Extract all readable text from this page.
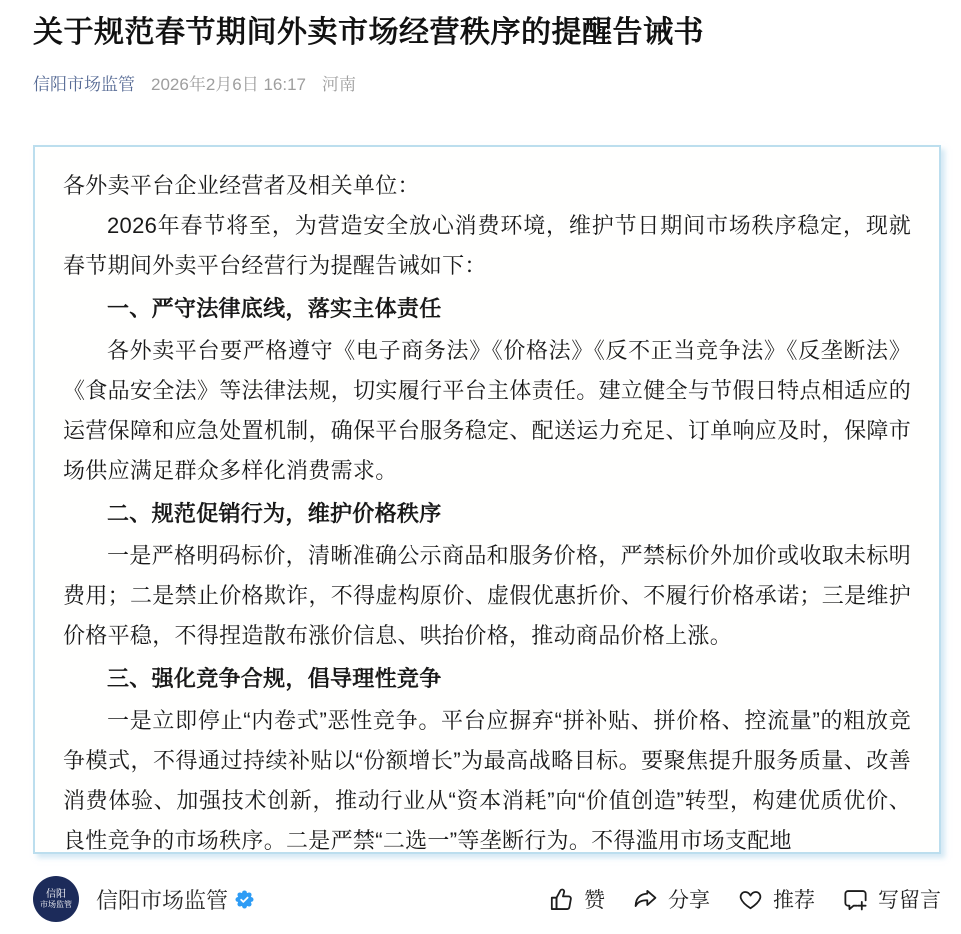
关于规范春节期间外卖市场经营秩序的提醒告诫书
信阳市场监管 2026年2月6日 16:17 河南

各外卖平台企业经营者及相关单位：

2026年春节将至，为营造安全放心消费环境，维护节日期间市场秩序稳定，现就春节期间外卖平台经营行为提醒告诫如下：

一、严守法律底线，落实主体责任

各外卖平台要严格遵守《电子商务法》《价格法》《反不正当竞争法》《反垄断法》《食品安全法》等法律法规，切实履行平台主体责任。建立健全与节假日特点相适应的运营保障和应急处置机制，确保平台服务稳定、配送运力充足、订单响应及时，保障市场供应满足群众多样化消费需求。

二、规范促销行为，维护价格秩序

一是严格明码标价，清晰准确公示商品和服务价格，严禁标价外加价或收取未标明费用；二是禁止价格欺诈，不得虚构原价、虚假优惠折价、不履行价格承诺；三是维护价格平稳，不得捏造散布涨价信息、哄抬价格，推动商品价格上涨。

三、强化竞争合规，倡导理性竞争

一是立即停止“内卷式”恶性竞争。平台应摒弃“拼补贴、拼价格、控流量”的粗放竞争模式，不得通过持续补贴以“份额增长”为最高战略目标。要聚焦提升服务质量、改善消费体验、加强技术创新，推动行业从“资本消耗”向“价值创造”转型，构建优质优价、良性竞争的市场秩序。二是严禁“二选一”等垄断行为。不得滥用市场支配地

信阳
市场监管 信阳市场监管	赞	分享	推荐	写留言
